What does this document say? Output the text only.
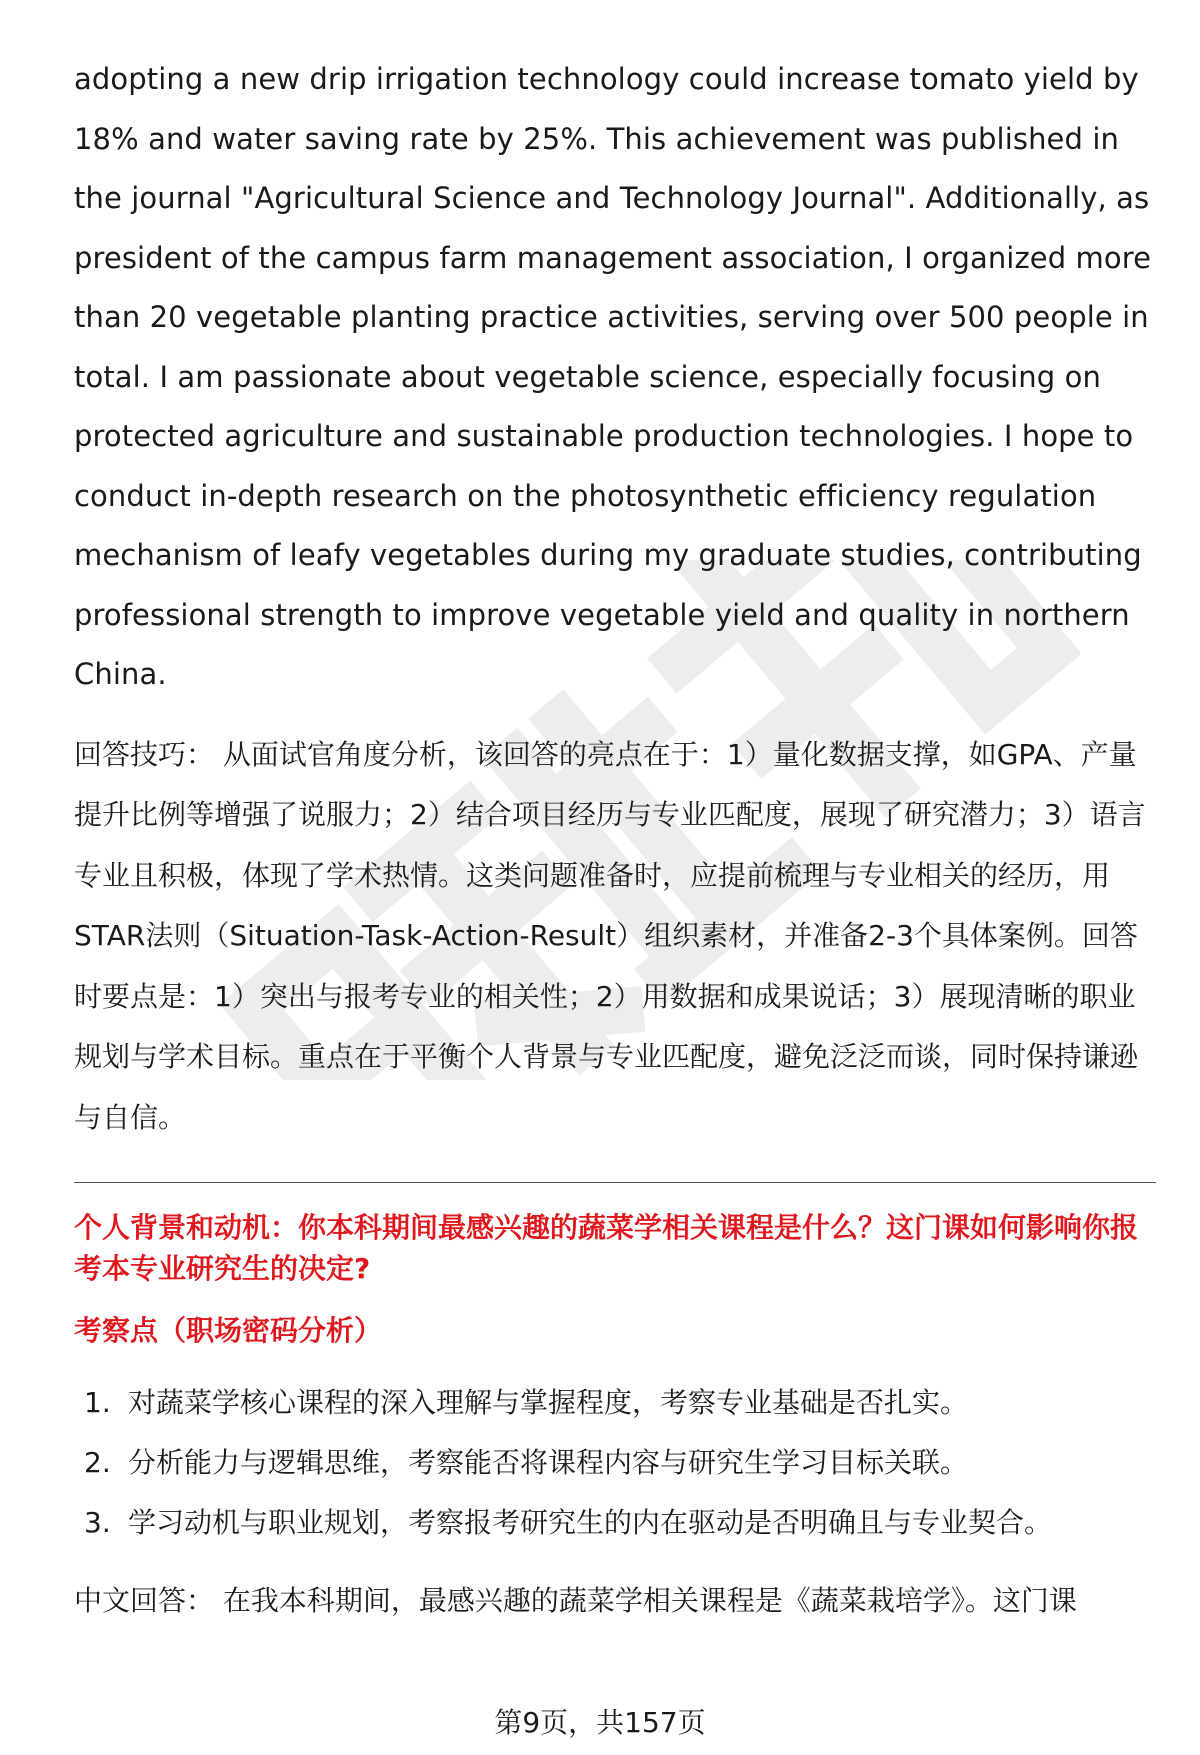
adopting a new drip irrigation technology could increase tomato yield by 18% and water saving rate by 25%. This achievement was published in the journal "Agricultural Science and Technology Journal". Additionally, as president of the campus farm management association, I organized more than 20 vegetable planting practice activities, serving over 500 people in total. I am passionate about vegetable science, especially focusing on protected agriculture and sustainable production technologies. I hope to conduct in-depth research on the photosynthetic efficiency regulation mechanism of leafy vegetables during my graduate studies, contributing professional strength to improve vegetable yield and quality in northern China.

回答技巧： 从面试官角度分析，该回答的亮点在于：1）量化数据支撑，如GPA、产量提升比例等增强了说服力；2）结合项目经历与专业匹配度，展现了研究潜力；3）语言专业且积极，体现了学术热情。这类问题准备时，应提前梳理与专业相关的经历，用STAR法则（Situation-Task-Action-Result）组织素材，并准备2-3个具体案例。回答时要点是：1）突出与报考专业的相关性；2）用数据和成果说话；3）展现清晰的职业规划与学术目标。重点在于平衡个人背景与专业匹配度，避免泛泛而谈，同时保持谦逊与自信。

个人背景和动机：你本科期间最感兴趣的蔬菜学相关课程是什么？这门课如何影响你报考本专业研究生的决定?

考察点（职场密码分析）

1. 对蔬菜学核心课程的深入理解与掌握程度，考察专业基础是否扎实。
2. 分析能力与逻辑思维，考察能否将课程内容与研究生学习目标关联。
3. 学习动机与职业规划，考察报考研究生的内在驱动是否明确且与专业契合。

中文回答： 在我本科期间，最感兴趣的蔬菜学相关课程是《蔬菜栽培学》。这门课

第9页，共157页
